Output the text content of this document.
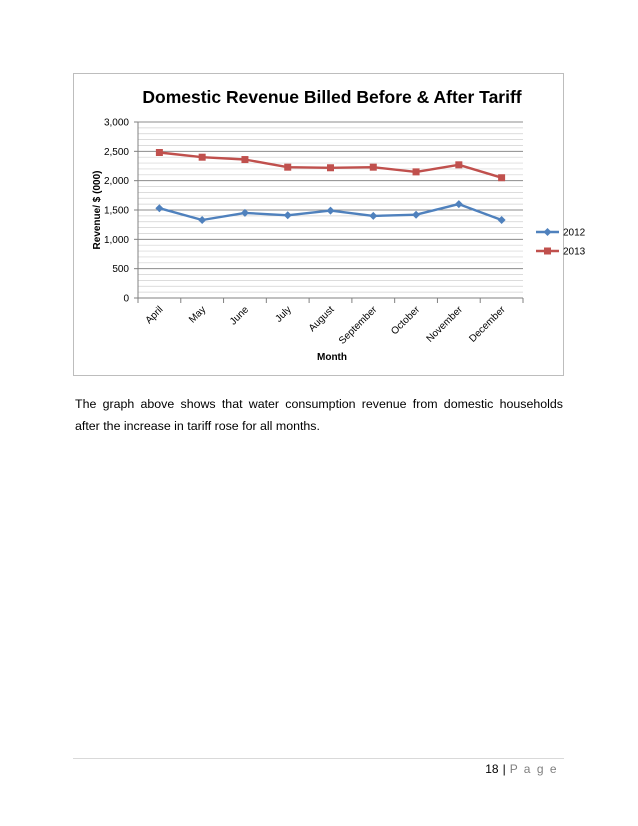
0
500
1,000
1,500
2,000
2,500
3,000
April May June July August September October November December
2012
2013
Domestic Revenue Billed Before & After Tariff
Month
Revenue/ $ (000)
The graph above shows that water consumption revenue from domestic households after the increase in tariff rose for all months.
18 | P a g e
